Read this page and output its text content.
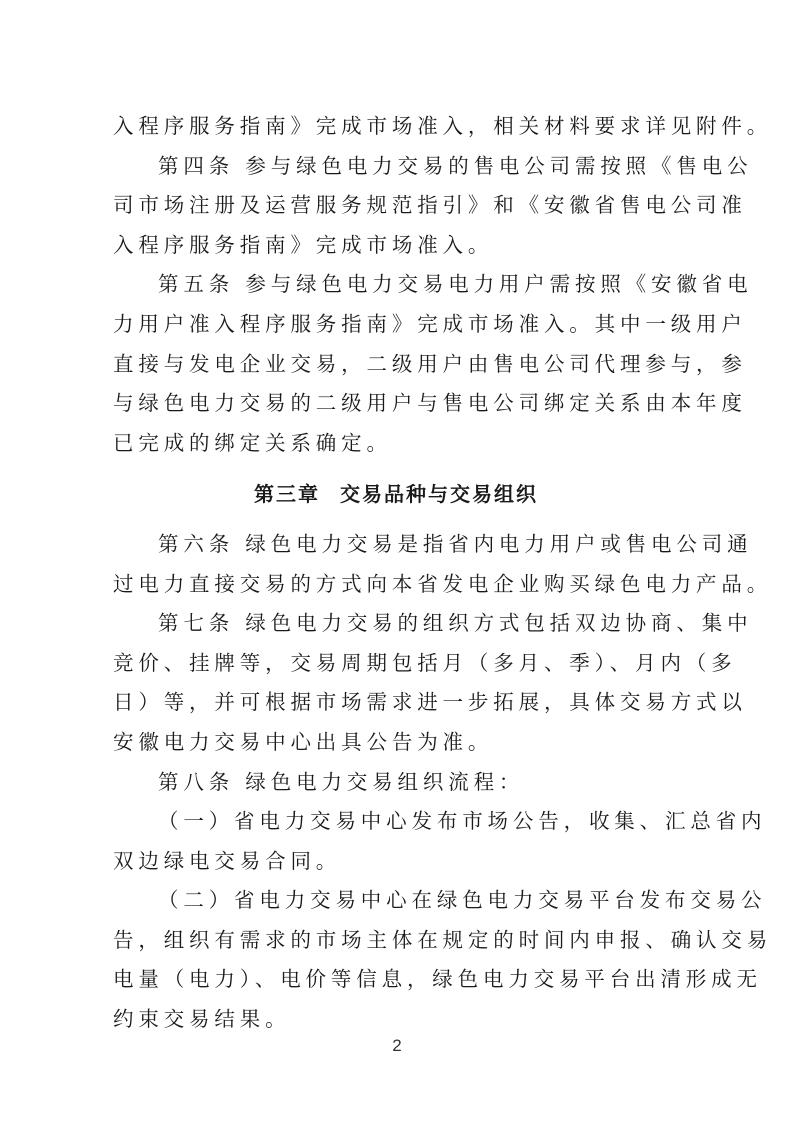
入程序服务指南》完成市场准入，相关材料要求详见附件。
第四条 参与绿色电力交易的售电公司需按照《售电公
司市场注册及运营服务规范指引》和《安徽省售电公司准
入程序服务指南》完成市场准入。
第五条 参与绿色电力交易电力用户需按照《安徽省电
力用户准入程序服务指南》完成市场准入。其中一级用户
直接与发电企业交易，二级用户由售电公司代理参与，参
与绿色电力交易的二级用户与售电公司绑定关系由本年度
已完成的绑定关系确定。
第三章 交易品种与交易组织
第六条 绿色电力交易是指省内电力用户或售电公司通
过电力直接交易的方式向本省发电企业购买绿色电力产品。
第七条 绿色电力交易的组织方式包括双边协商、集中
竞价、挂牌等，交易周期包括月（多月、季）、月内（多
日）等，并可根据市场需求进一步拓展，具体交易方式以
安徽电力交易中心出具公告为准。
第八条 绿色电力交易组织流程：
（一）省电力交易中心发布市场公告，收集、汇总省内
双边绿电交易合同。
（二）省电力交易中心在绿色电力交易平台发布交易公
告，组织有需求的市场主体在规定的时间内申报、确认交易
电量（电力）、电价等信息，绿色电力交易平台出清形成无
约束交易结果。
2
